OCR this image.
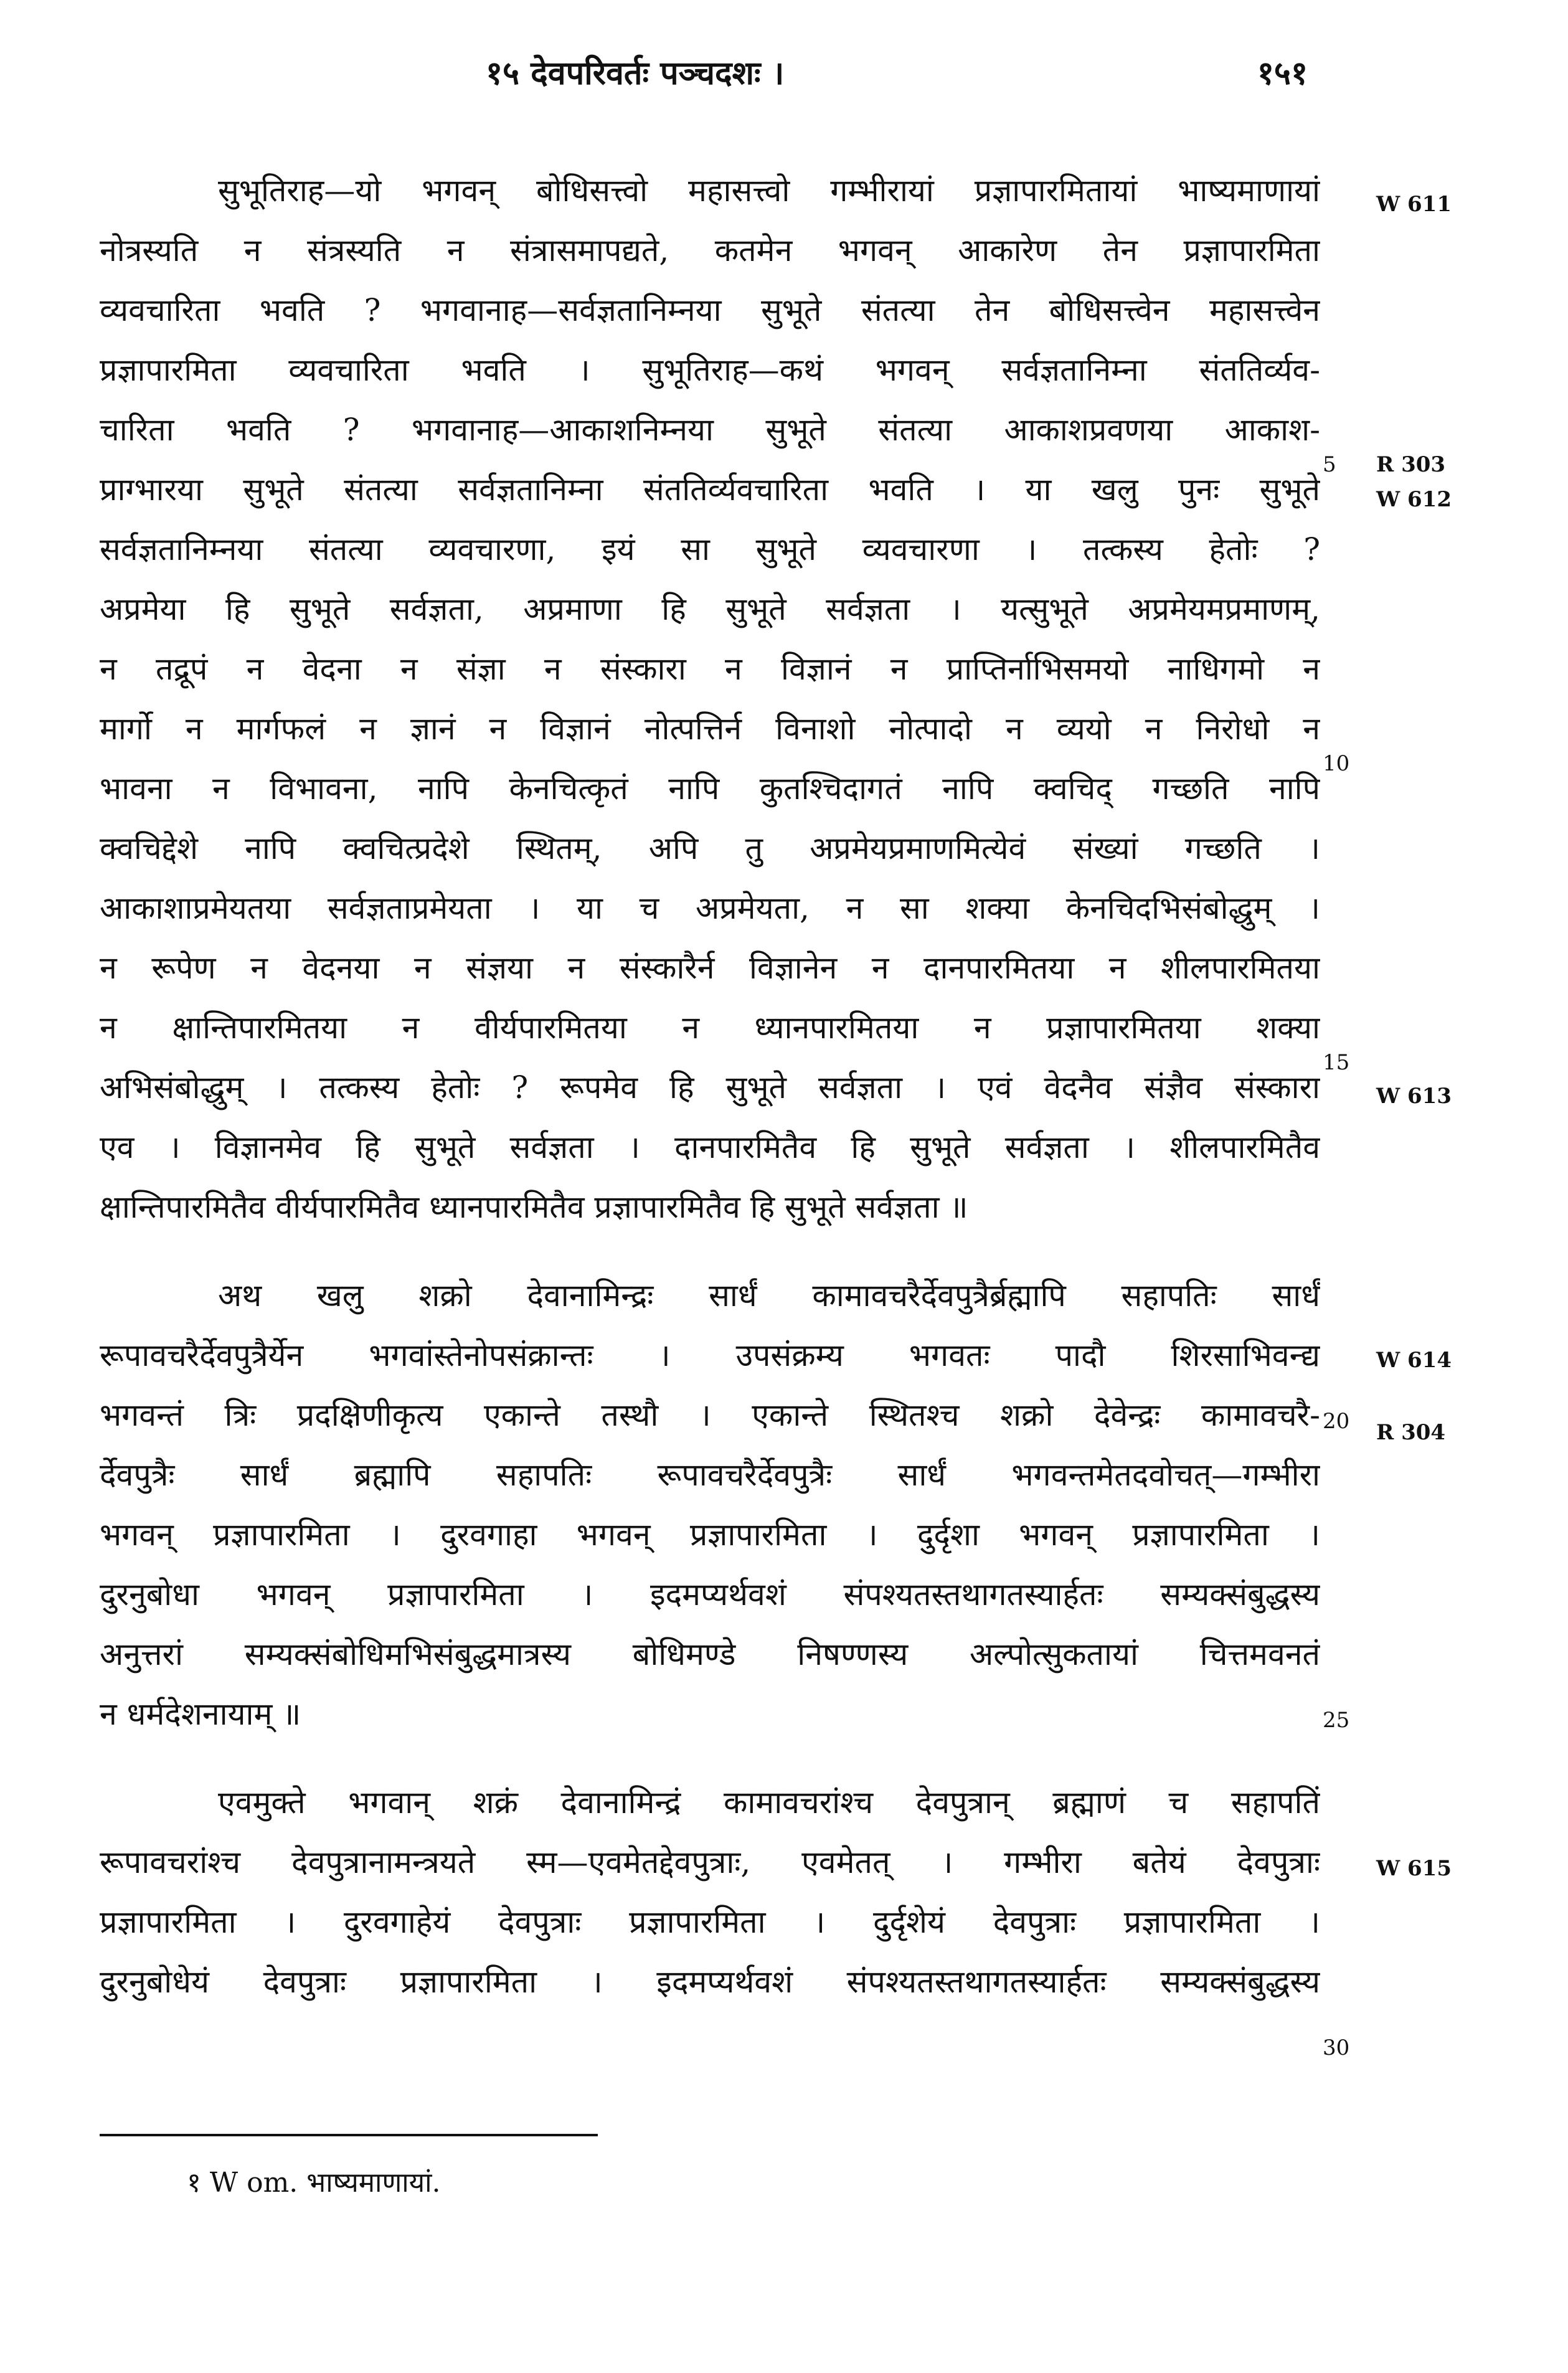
१५ देवपरिवर्तः पञ्चदशः ।	१५१
सुभूतिराह—यो भगवन् बोधिसत्त्वो महासत्त्वो गम्भीरायां प्रज्ञापारमितायां भाष्यमाणायां
नोत्रस्यति न संत्रस्यति न संत्रासमापद्यते, कतमेन भगवन् आकारेण तेन प्रज्ञापारमिता
व्यवचारिता भवति ? भगवानाह—सर्वज्ञतानिम्नया सुभूते संतत्या तेन बोधिसत्त्वेन महासत्त्वेन
प्रज्ञापारमिता व्यवचारिता भवति । सुभूतिराह—कथं भगवन् सर्वज्ञतानिम्ना संततिर्व्यव-
चारिता भवति ? भगवानाह—आकाशनिम्नया सुभूते संतत्या आकाशप्रवणया आकाश-
प्राग्भारया सुभूते संतत्या सर्वज्ञतानिम्ना संततिर्व्यवचारिता भवति । या खलु पुनः सुभूते
सर्वज्ञतानिम्नया संतत्या व्यवचारणा, इयं सा सुभूते व्यवचारणा । तत्कस्य हेतोः ?
अप्रमेया हि सुभूते सर्वज्ञता, अप्रमाणा हि सुभूते सर्वज्ञता । यत्सुभूते अप्रमेयमप्रमाणम्,
न तद्रूपं न वेदना न संज्ञा न संस्कारा न विज्ञानं न प्राप्तिर्नाभिसमयो नाधिगमो न
मार्गो न मार्गफलं न ज्ञानं न विज्ञानं नोत्पत्तिर्न विनाशो नोत्पादो न व्ययो न निरोधो न
भावना न विभावना, नापि केनचित्कृतं नापि कुतश्चिदागतं नापि क्वचिद् गच्छति नापि
क्वचिद्देशे नापि क्वचित्प्रदेशे स्थितम्, अपि तु अप्रमेयप्रमाणमित्येवं संख्यां गच्छति ।
आकाशाप्रमेयतया सर्वज्ञताप्रमेयता । या च अप्रमेयता, न सा शक्या केनचिदभिसंबोद्धुम् ।
न रूपेण न वेदनया न संज्ञया न संस्कारैर्न विज्ञानेन न दानपारमितया न शीलपारमितया
न क्षान्तिपारमितया न वीर्यपारमितया न ध्यानपारमितया न प्रज्ञापारमितया शक्या
अभिसंबोद्धुम् । तत्कस्य हेतोः ? रूपमेव हि सुभूते सर्वज्ञता । एवं वेदनैव संज्ञैव संस्कारा
एव । विज्ञानमेव हि सुभूते सर्वज्ञता । दानपारमितैव हि सुभूते सर्वज्ञता । शीलपारमितैव
क्षान्तिपारमितैव वीर्यपारमितैव ध्यानपारमितैव प्रज्ञापारमितैव हि सुभूते सर्वज्ञता ॥
अथ खलु शक्रो देवानामिन्द्रः सार्धं कामावचरैर्देवपुत्रैर्ब्रह्मापि सहापतिः सार्धं
रूपावचरैर्देवपुत्रैर्येन भगवांस्तेनोपसंक्रान्तः । उपसंक्रम्य भगवतः पादौ शिरसाभिवन्द्य
भगवन्तं त्रिः प्रदक्षिणीकृत्य एकान्ते तस्थौ । एकान्ते स्थितश्च शक्रो देवेन्द्रः कामावचरै-
र्देवपुत्रैः सार्धं ब्रह्मापि सहापतिः रूपावचरैर्देवपुत्रैः सार्धं भगवन्तमेतदवोचत्—गम्भीरा
भगवन् प्रज्ञापारमिता । दुरवगाहा भगवन् प्रज्ञापारमिता । दुर्दृशा भगवन् प्रज्ञापारमिता ।
दुरनुबोधा भगवन् प्रज्ञापारमिता । इदमप्यर्थवशं संपश्यतस्तथागतस्यार्हतः सम्यक्संबुद्धस्य
अनुत्तरां सम्यक्संबोधिमभिसंबुद्धमात्रस्य बोधिमण्डे निषण्णस्य अल्पोत्सुकतायां चित्तमवनतं
न धर्मदेशनायाम् ॥
एवमुक्ते भगवान् शक्रं देवानामिन्द्रं कामावचरांश्च देवपुत्रान् ब्रह्माणं च सहापतिं
रूपावचरांश्च देवपुत्रानामन्त्रयते स्म—एवमेतद्देवपुत्राः, एवमेतत् । गम्भीरा बतेयं देवपुत्राः
प्रज्ञापारमिता । दुरवगाहेयं देवपुत्राः प्रज्ञापारमिता । दुर्दृशेयं देवपुत्राः प्रज्ञापारमिता ।
दुरनुबोधेयं देवपुत्राः प्रज्ञापारमिता । इदमप्यर्थवशं संपश्यतस्तथागतस्यार्हतः सम्यक्संबुद्धस्य
5
10
15
20
25
30
W 611
R 303
W 612
W 613
W 614
R 304
W 615
१ W om. भाष्यमाणायां.
